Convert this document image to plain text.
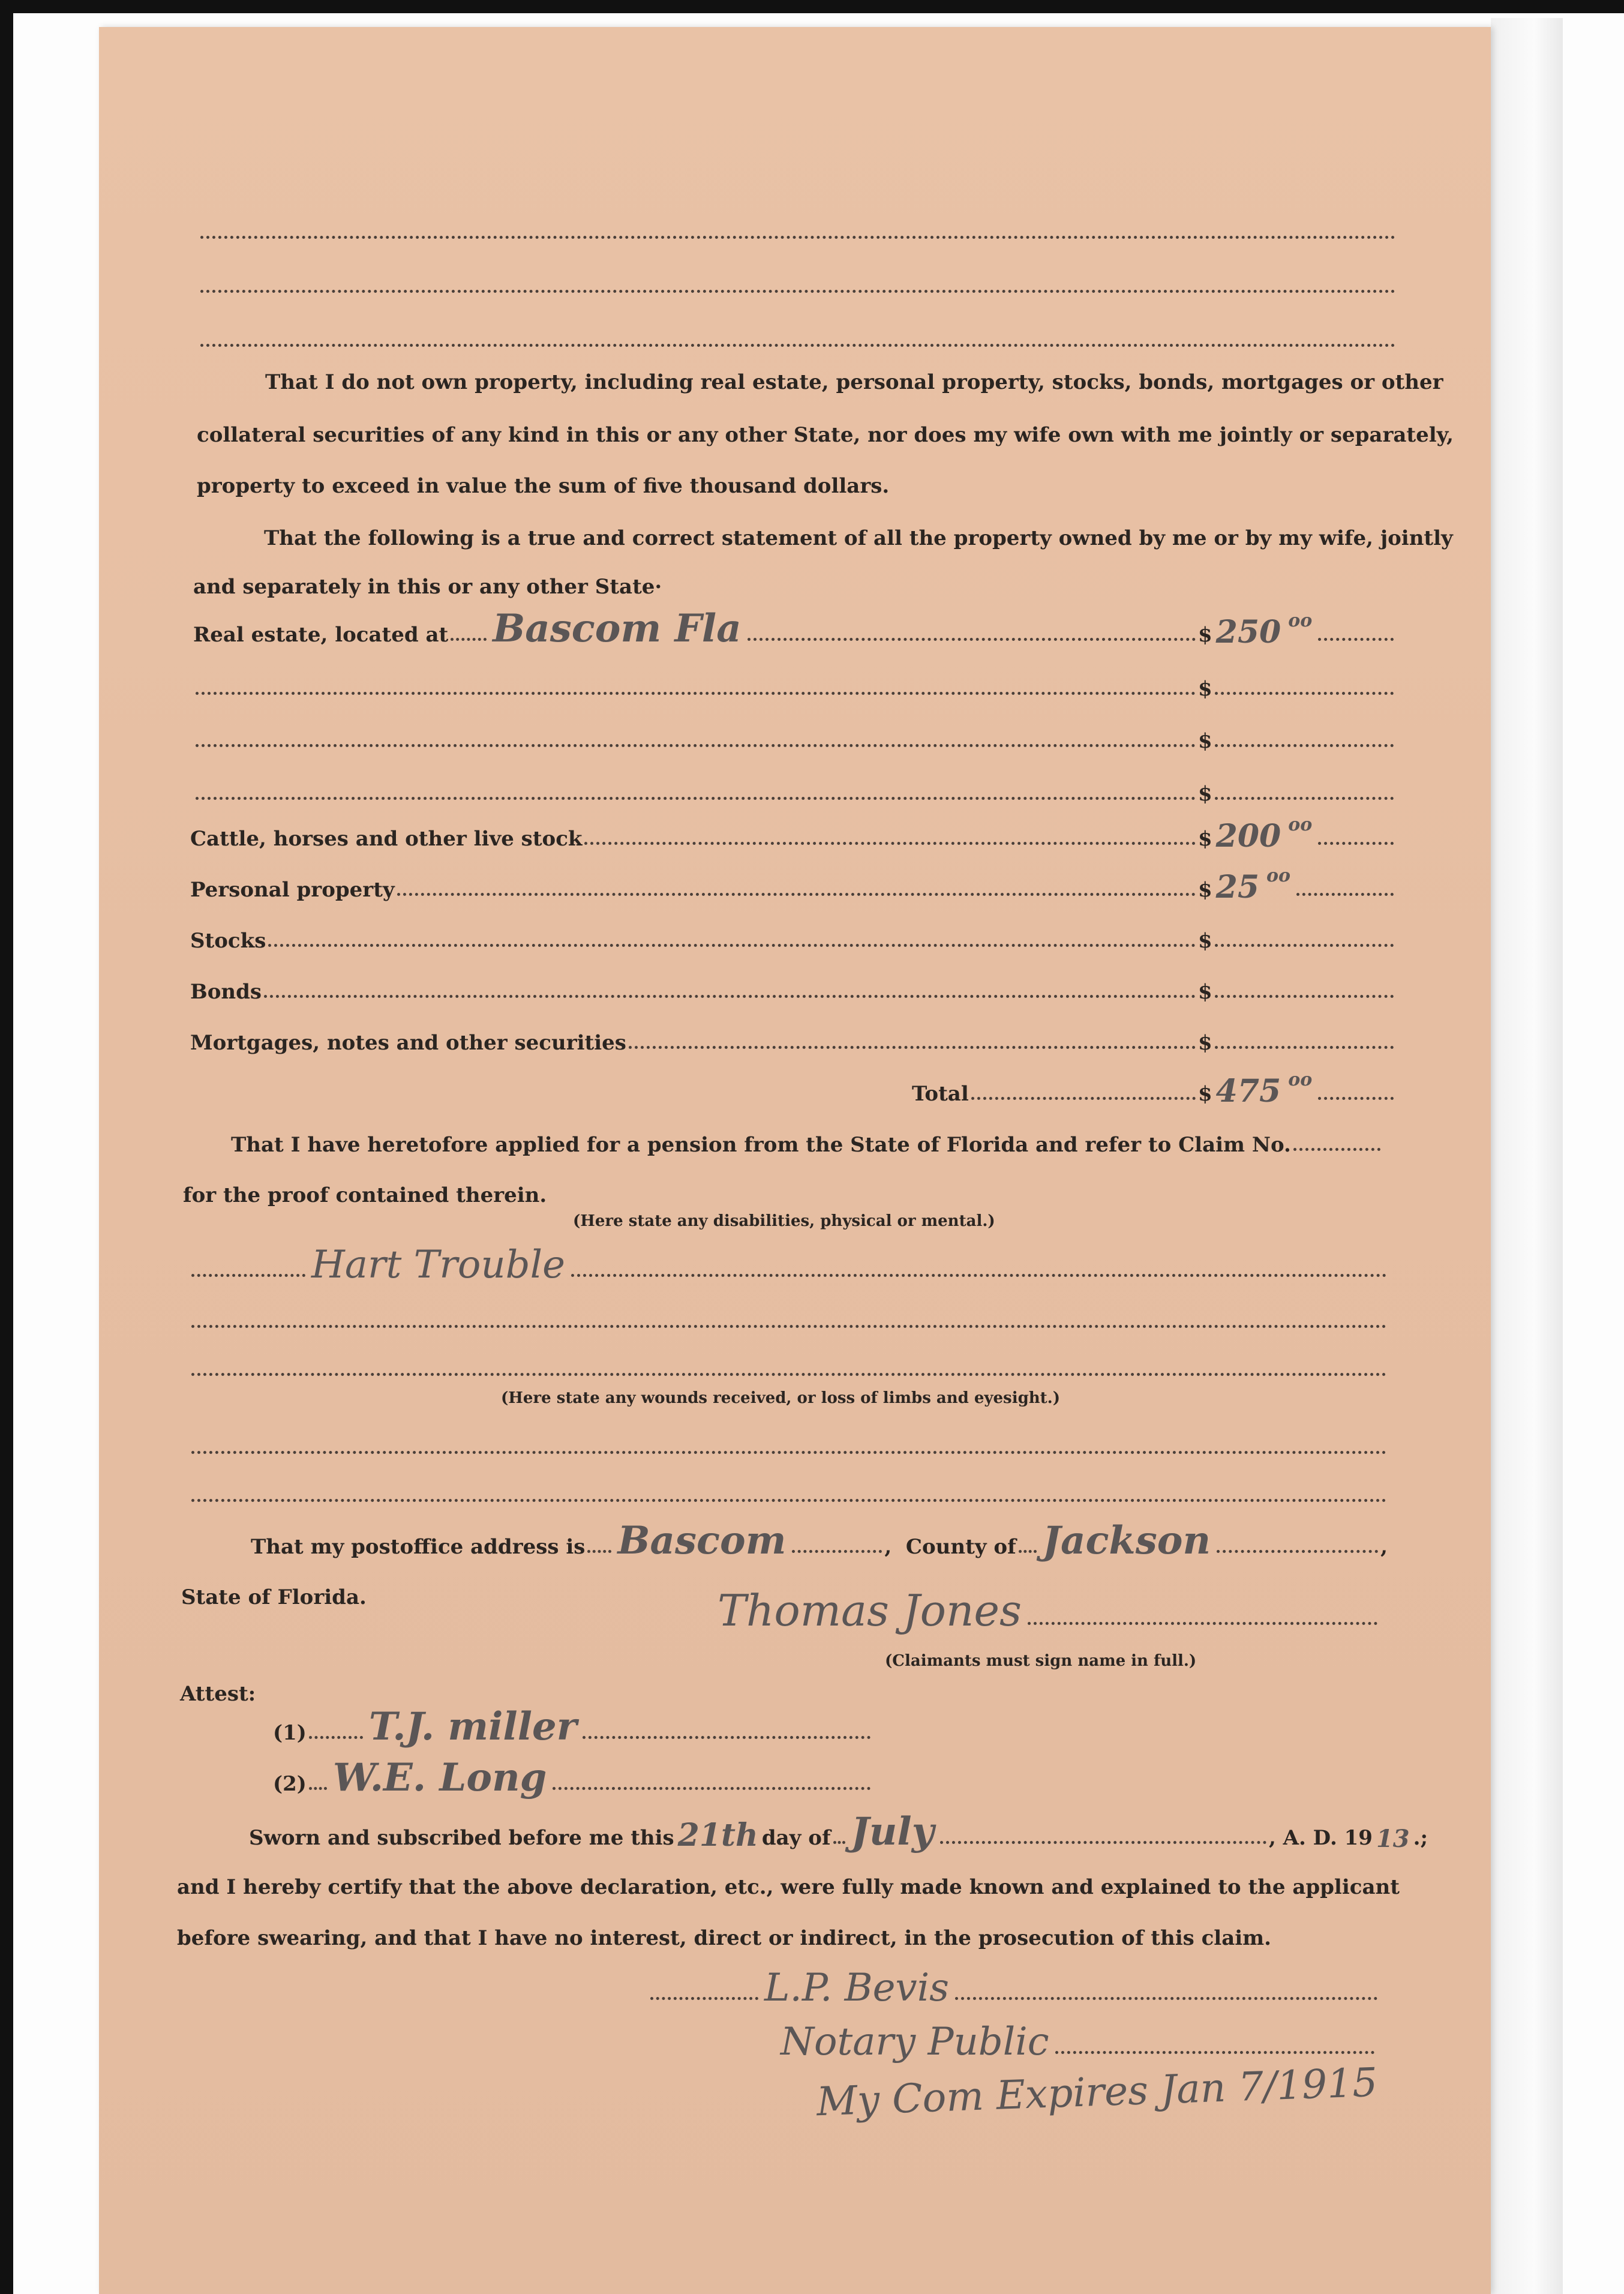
That I do not own property, including real estate, personal property, stocks, bonds, mortgages or other
collateral securities of any kind in this or any other State, nor does my wife own with me jointly or separately,
property to exceed in value the sum of five thousand dollars.
That the following is a true and correct statement of all the property owned by me or by my wife, jointly
and separately in this or any other State·
Real estate, located at Bascom Fla	$ 250 oo
$
$
$
Cattle, horses and other live stock	$ 200 oo
Personal property	$ 25 oo
Stocks	$
Bonds	$
Mortgages, notes and other securities	$
Total	$ 475 oo
That I have heretofore applied for a pension from the State of Florida and refer to Claim No.
for the proof contained therein.
(Here state any disabilities, physical or mental.)
Hart Trouble
(Here state any wounds received, or loss of limbs and eyesight.)
That my postoffice address is Bascom	, County of Jackson	,
State of Florida.	Thomas Jones
(Claimants must sign name in full.)
Attest:
(1) T.J. miller
(2) W.E. Long
Sworn and subscribed before me this 21th day of July	, A. D. 19 13 .;
and I hereby certify that the above declaration, etc., were fully made known and explained to the applicant
before swearing, and that I have no interest, direct or indirect, in the prosecution of this claim.
L.P. Bevis
Notary Public
My Com Expires Jan 7/1915
